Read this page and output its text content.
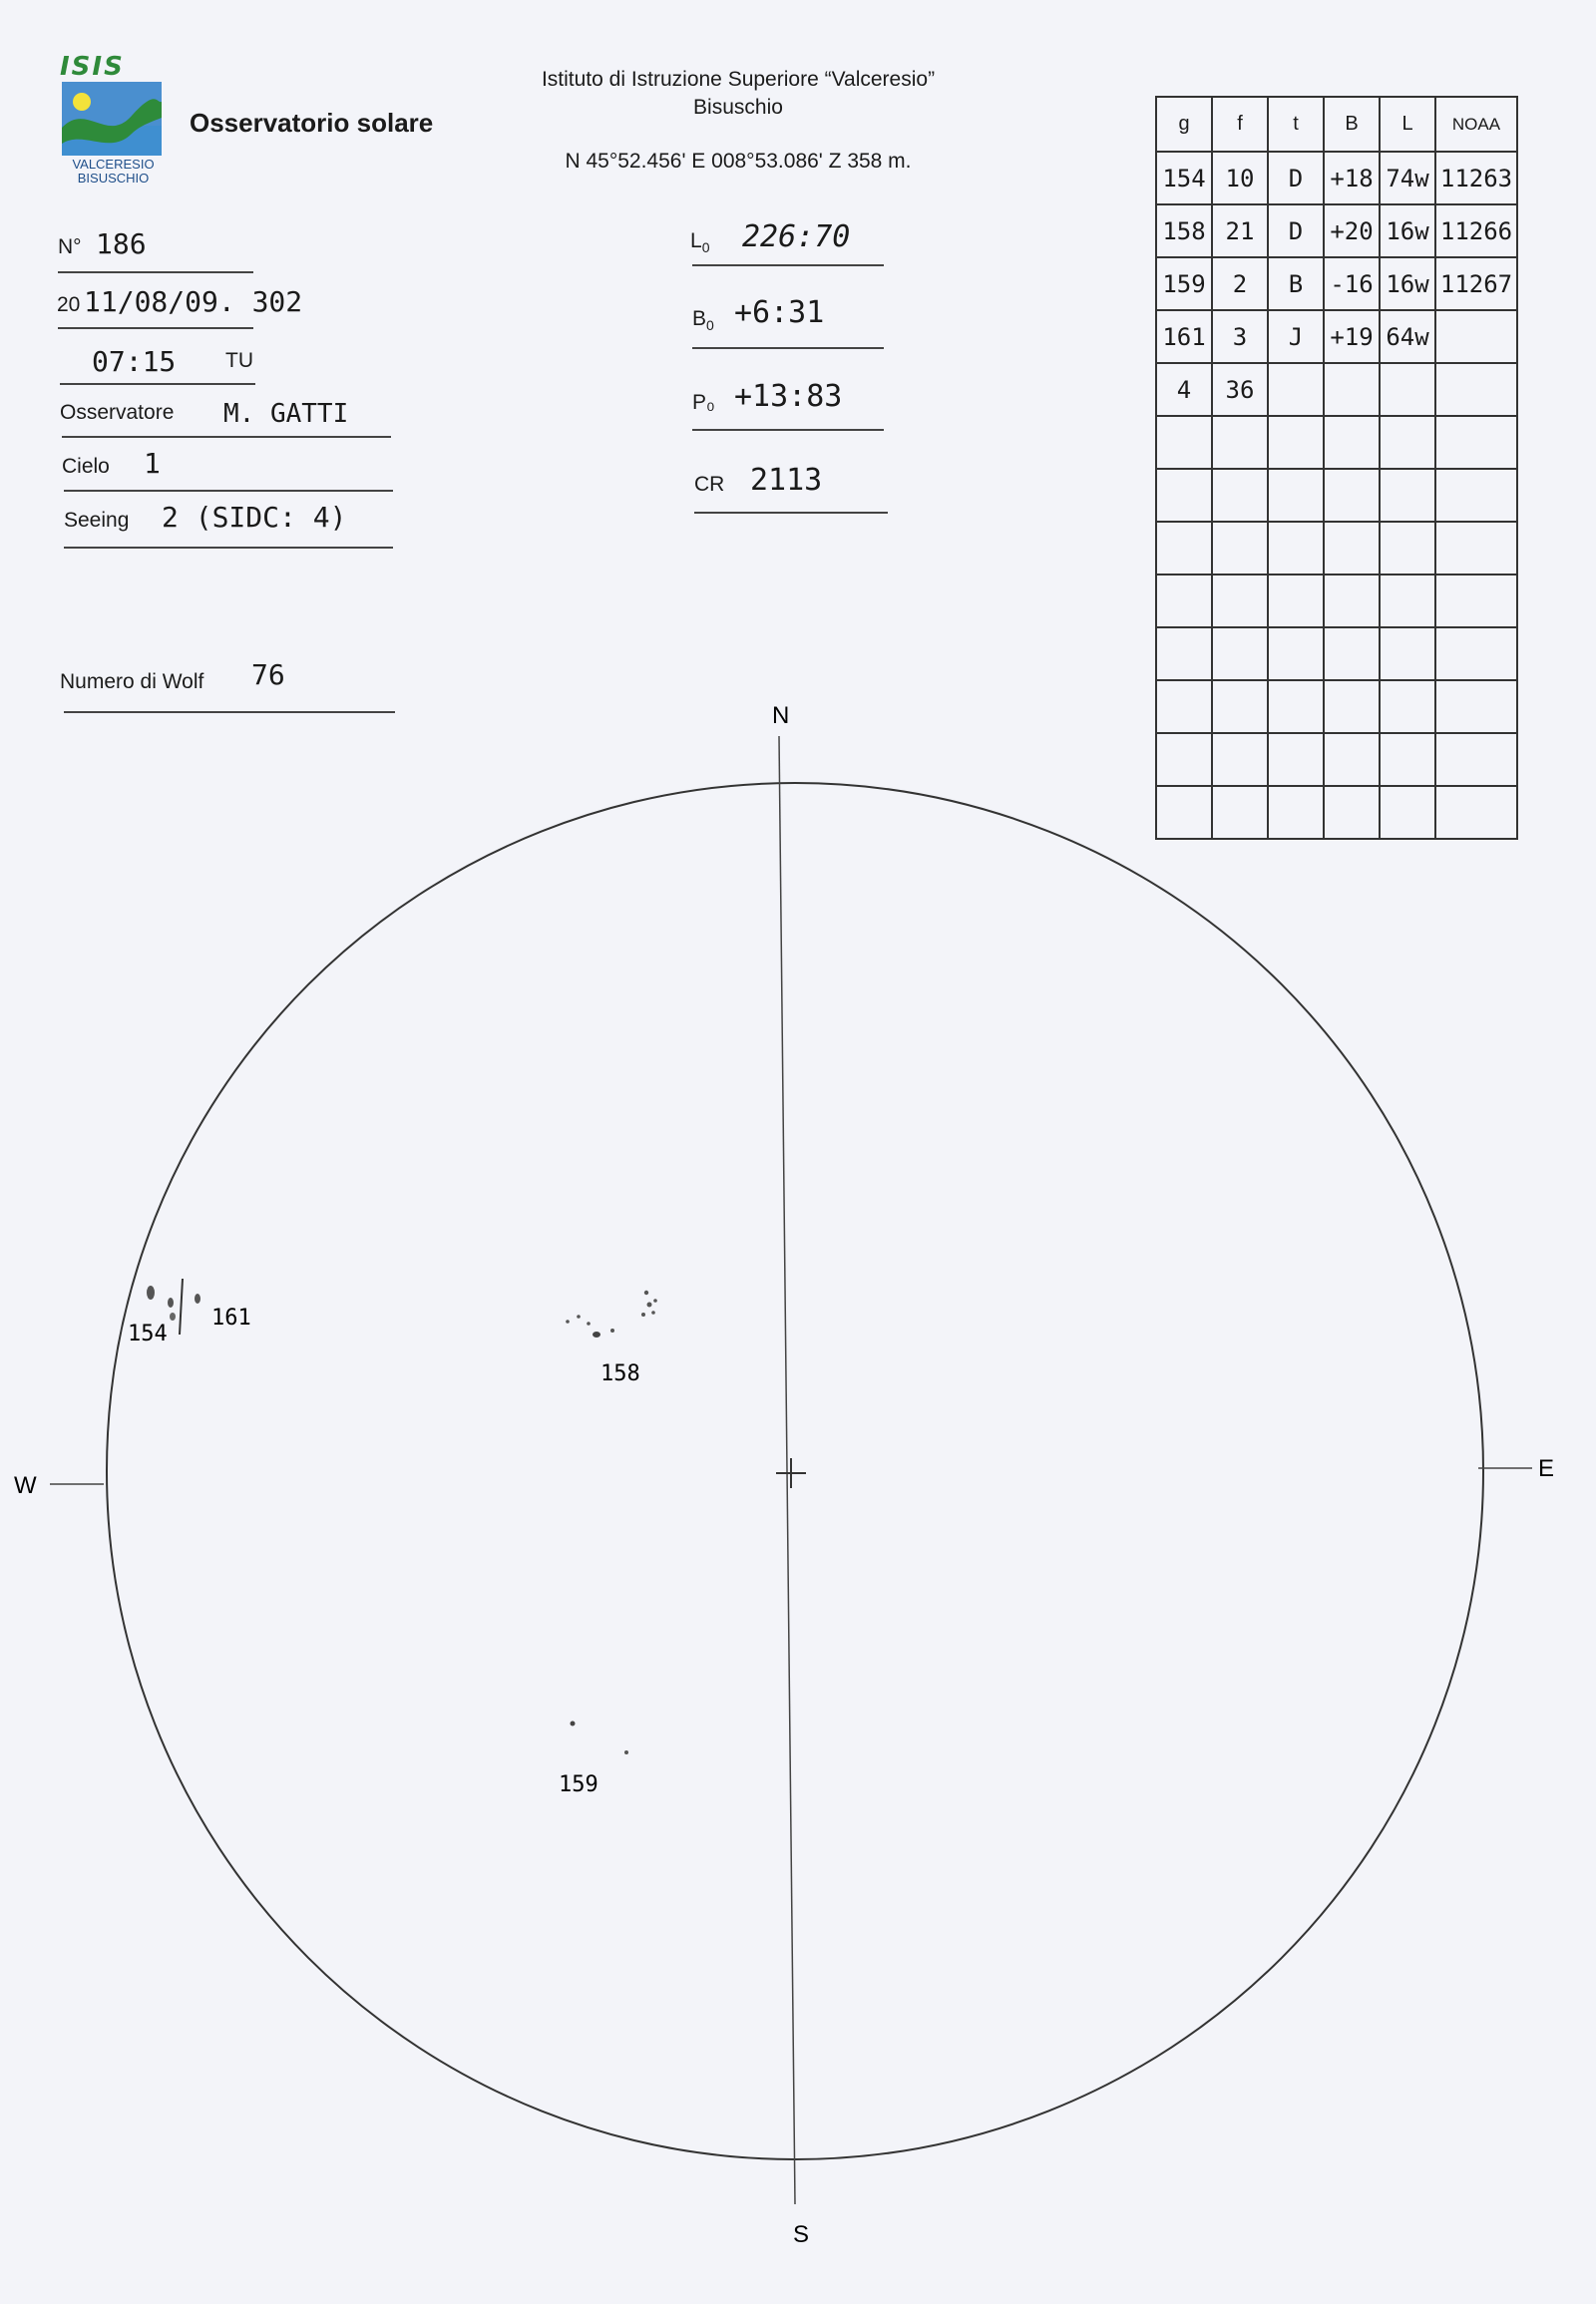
ISIS
VALCERESIO
BISUSCHIO
Osservatorio solare
Istituto di Istruzione Superiore “Valceresio”
Bisuschio
N 45°52.456' E 008°53.086' Z 358 m.
N° 186
20 11/08/09. 302
07:15 TU
Osservatore M. GATTI
Cielo 1
Seeing 2 (SIDC: 4)
Numero di Wolf 76
$L_0$ 226:70
$B_0$ +6:31
P₀ +13:83
CR 2113
g	f	t	B	L	NOAA
154	10	D	+18	74w	11263
158	21	D	+20	16w	11266
159	2	B	-16	16w	11267
161	3	J	+19	64w	
4	36				

N
S
E
W
154
161
158
159
